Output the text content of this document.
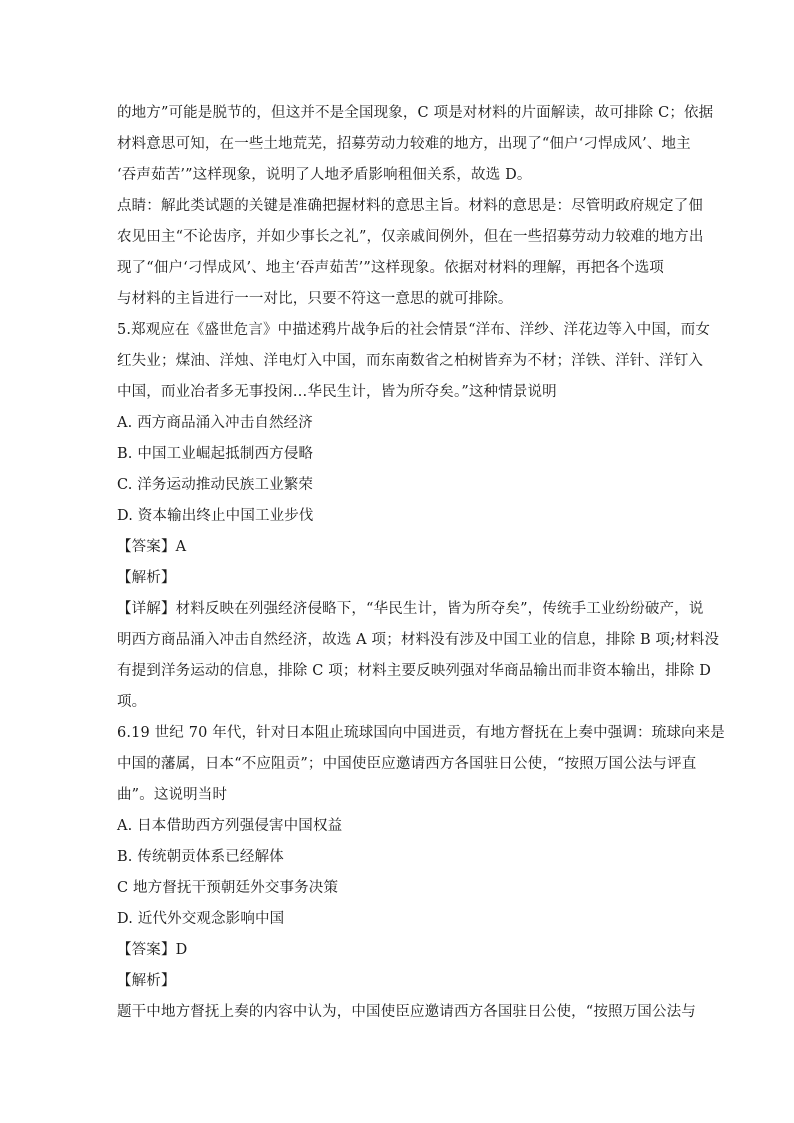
的地方”可能是脱节的，但这并不是全国现象，C 项是对材料的片面解读，故可排除 C；依据
材料意思可知，在一些土地荒芜，招募劳动力较难的地方，出现了“佃户‘刁悍成风’、地主
‘吞声茹苦’”这样现象，说明了人地矛盾影响租佃关系，故选 D。
点睛：解此类试题的关键是准确把握材料的意思主旨。材料的意思是：尽管明政府规定了佃
农见田主“不论齿序，并如少事长之礼”，仅亲戚间例外，但在一些招募劳动力较难的地方出
现了“佃户‘刁悍成风’、地主‘吞声茹苦’”这样现象。依据对材料的理解，再把各个选项
与材料的主旨进行一一对比，只要不符这一意思的就可排除。
5.郑观应在《盛世危言》中描述鸦片战争后的社会情景“洋布、洋纱、洋花边等入中国，而女
红失业；煤油、洋烛、洋电灯入中国，而东南数省之柏树皆弃为不材；洋铁、洋针、洋钉入
中国，而业冶者多无事投闲…华民生计，皆为所夺矣。”这种情景说明
A. 西方商品涌入冲击自然经济
B. 中国工业崛起抵制西方侵略
C. 洋务运动推动民族工业繁荣
D. 资本输出终止中国工业步伐
【答案】A
【解析】
【详解】材料反映在列强经济侵略下，“华民生计，皆为所夺矣”，传统手工业纷纷破产，说
明西方商品涌入冲击自然经济，故选 A 项；材料没有涉及中国工业的信息，排除 B 项;材料没
有提到洋务运动的信息，排除 C 项；材料主要反映列强对华商品输出而非资本输出，排除 D
项。
6.19 世纪 70 年代，针对日本阻止琉球国向中国进贡，有地方督抚在上奏中强调：琉球向来是
中国的藩属，日本“不应阻贡”；中国使臣应邀请西方各国驻日公使，“按照万国公法与评直
曲”。这说明当时
A. 日本借助西方列强侵害中国权益
B. 传统朝贡体系已经解体
C 地方督抚干预朝廷外交事务决策
D. 近代外交观念影响中国
【答案】D
【解析】
题干中地方督抚上奏的内容中认为，中国使臣应邀请西方各国驻日公使，“按照万国公法与
